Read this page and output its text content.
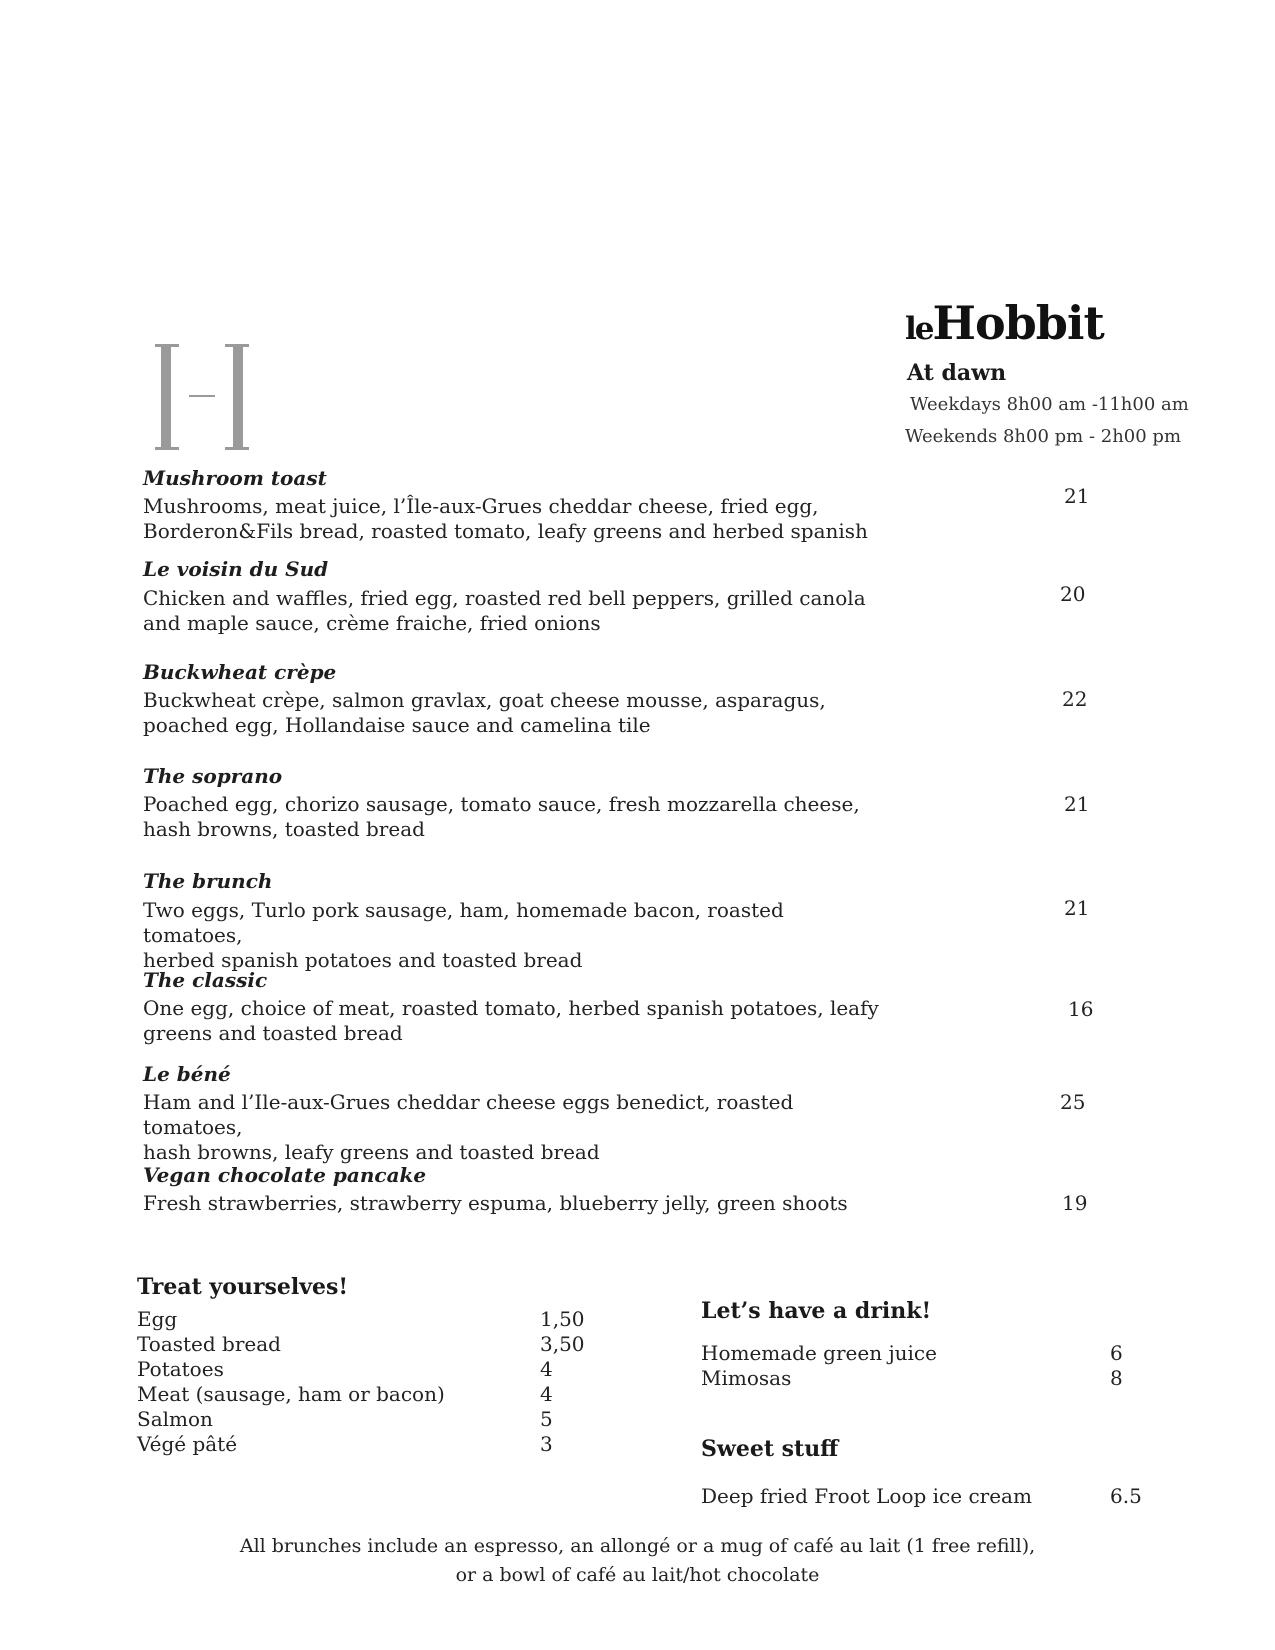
leHobbit
At dawn
Weekdays 8h00 am -11h00 am
Weekends 8h00 pm - 2h00 pm
Mushroom toast
Mushrooms, meat juice, l’Île-aux-Grues cheddar cheese, fried egg,
Borderon&Fils bread, roasted tomato, leafy greens and herbed spanish
21
Le voisin du Sud
Chicken and waffles, fried egg, roasted red bell peppers, grilled canola
and maple sauce, crème fraiche, fried onions
20
Buckwheat crèpe
Buckwheat crèpe, salmon gravlax, goat cheese mousse, asparagus,
poached egg, Hollandaise sauce and camelina tile
22
The soprano
Poached egg, chorizo sausage, tomato sauce, fresh mozzarella cheese,
hash browns, toasted bread
21
The brunch
Two eggs, Turlo pork sausage, ham, homemade bacon, roasted tomatoes,
herbed spanish potatoes and toasted bread
21
The classic
One egg, choice of meat, roasted tomato, herbed spanish potatoes, leafy
greens and toasted bread
16
Le béné
Ham and l’Ile-aux-Grues cheddar cheese eggs benedict, roasted tomatoes,
hash browns, leafy greens and toasted bread
25
Vegan chocolate pancake
Fresh strawberries, strawberry espuma, blueberry jelly, green shoots	19
Treat yourselves!
Egg
Toasted bread
Potatoes
Meat (sausage, ham or bacon)
Salmon
Végé pâté
1,50
3,50
4
4
5
3
Let’s have a drink!
Homemade green juice
Mimosas
6
8
Sweet stuff
Deep fried Froot Loop ice cream	6.5
All brunches include an espresso, an allongé or a mug of café au lait (1 free refill),
or a bowl of café au lait/hot chocolate
